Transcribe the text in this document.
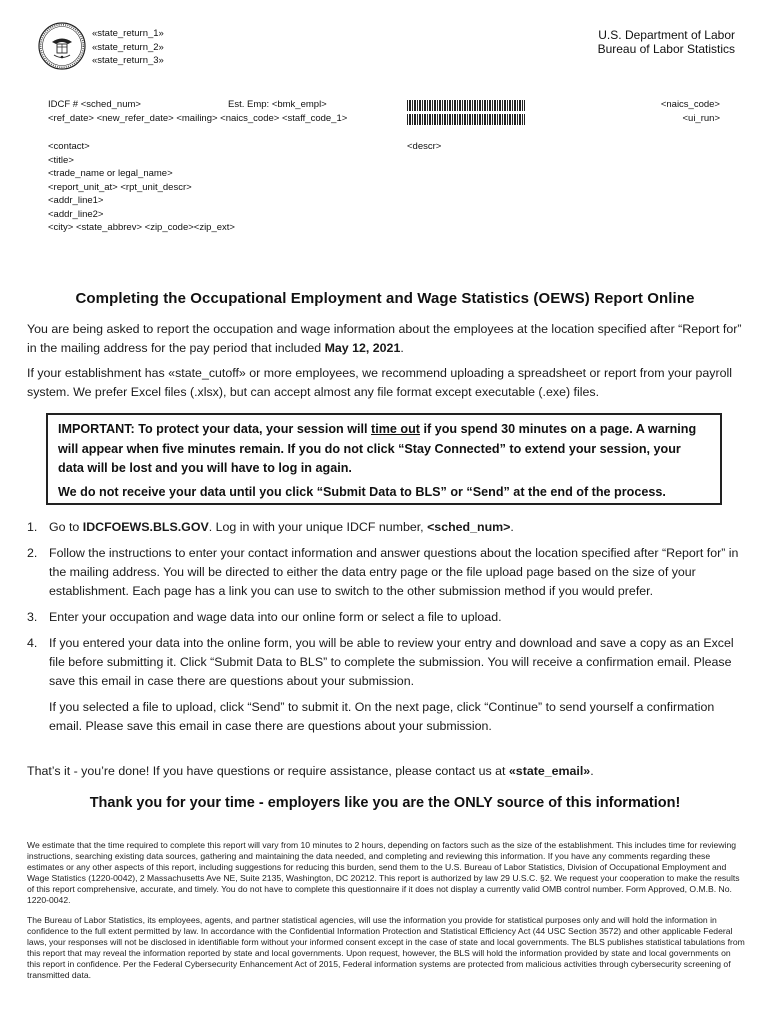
«state_return_1»
«state_return_2»
«state_return_3»
U.S. Department of Labor
Bureau of Labor Statistics
IDCF # <sched_num>	Est. Emp: <bmk_empl>
<ref_date> <new_refer_date> <mailing> <naics_code> <staff_code_1>
<naics_code>
<ui_run>
<contact>
<title>
<trade_name or legal_name>
<report_unit_at> <rpt_unit_descr>
<addr_line1>
<addr_line2>
<city> <state_abbrev> <zip_code><zip_ext>
<descr>
Completing the Occupational Employment and Wage Statistics (OEWS) Report Online
You are being asked to report the occupation and wage information about the employees at the location specified after “Report for” in the mailing address for the pay period that included May 12, 2021.
If your establishment has «state_cutoff» or more employees, we recommend uploading a spreadsheet or report from your payroll system. We prefer Excel files (.xlsx), but can accept almost any file format except executable (.exe) files.
IMPORTANT: To protect your data, your session will time out if you spend 30 minutes on a page. A warning will appear when five minutes remain. If you do not click “Stay Connected” to extend your session, your data will be lost and you will have to log in again.
We do not receive your data until you click “Submit Data to BLS” or “Send” at the end of the process.
1. Go to IDCFOEWS.BLS.GOV. Log in with your unique IDCF number, <sched_num>.
2. Follow the instructions to enter your contact information and answer questions about the location specified after “Report for” in the mailing address. You will be directed to either the data entry page or the file upload page based on the size of your establishment. Each page has a link you can use to switch to the other submission method if you would prefer.
3. Enter your occupation and wage data into our online form or select a file to upload.
4. If you entered your data into the online form, you will be able to review your entry and download and save a copy as an Excel file before submitting it. Click “Submit Data to BLS” to complete the submission. You will receive a confirmation email. Please save this email in case there are questions about your submission.
If you selected a file to upload, click “Send” to submit it. On the next page, click “Continue” to send yourself a confirmation email. Please save this email in case there are questions about your submission.
That’s it - you’re done! If you have questions or require assistance, please contact us at «state_email».
Thank you for your time - employers like you are the ONLY source of this information!
We estimate that the time required to complete this report will vary from 10 minutes to 2 hours, depending on factors such as the size of the establishment. This includes time for reviewing instructions, searching existing data sources, gathering and maintaining the data needed, and completing and reviewing this information. If you have any comments regarding these estimates or any other aspects of this report, including suggestions for reducing this burden, send them to the U.S. Bureau of Labor Statistics, Division of Occupational Employment and Wage Statistics (1220-0042), 2 Massachusetts Ave NE, Suite 2135, Washington, DC 20212. This report is authorized by law 29 U.S.C. §2. We request your cooperation to make the results of this report comprehensive, accurate, and timely. You do not have to complete this questionnaire if it does not display a currently valid OMB control number. Form Approved, O.M.B. No. 1220-0042.
The Bureau of Labor Statistics, its employees, agents, and partner statistical agencies, will use the information you provide for statistical purposes only and will hold the information in confidence to the full extent permitted by law. In accordance with the Confidential Information Protection and Statistical Efficiency Act (44 USC Section 3572) and other applicable Federal laws, your responses will not be disclosed in identifiable form without your informed consent except in the case of state and local governments. The BLS publishes statistical tabulations from this report that may reveal the information reported by state and local governments. Upon request, however, the BLS will hold the information provided by state and local governments on this report in confidence. Per the Federal Cybersecurity Enhancement Act of 2015, Federal information systems are protected from malicious activities through cybersecurity screening of transmitted data.
